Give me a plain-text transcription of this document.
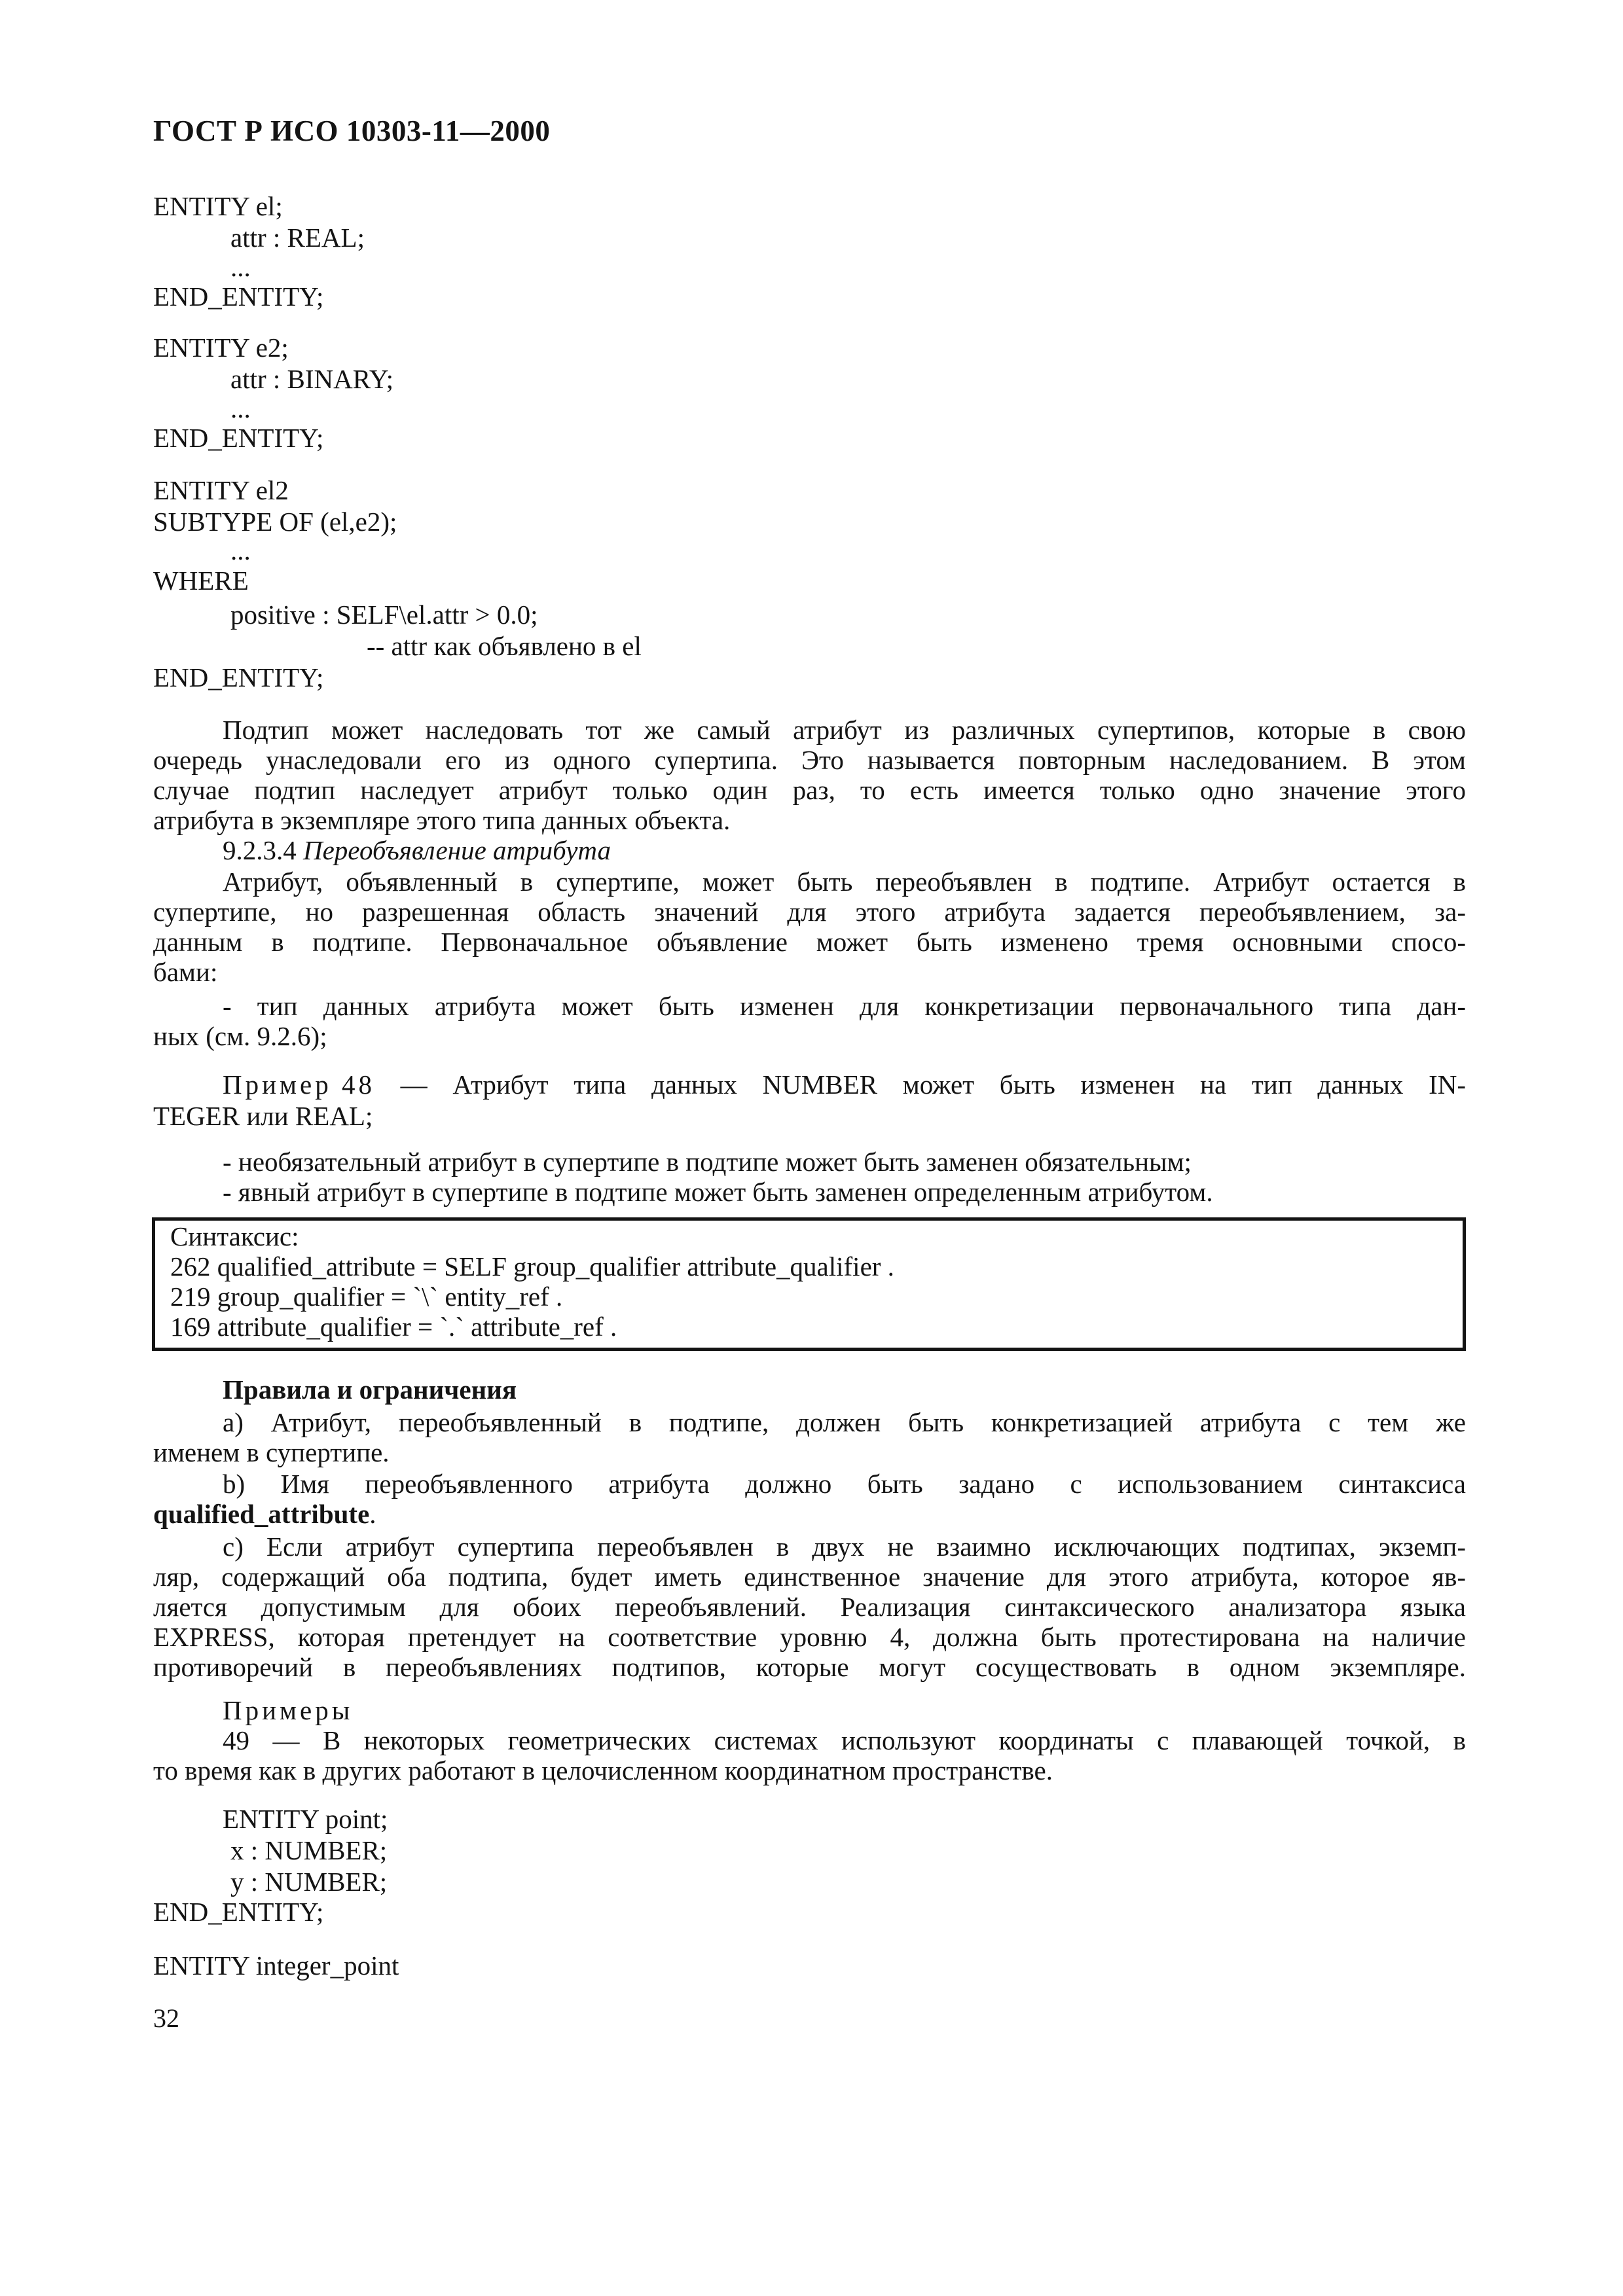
ГОСТ Р ИСО 10303-11—2000

ENTITY el;

attr : REAL;

...

END_ENTITY;

ENTITY e2;

attr : BINARY;

...

END_ENTITY;

ENTITY el2

SUBTYPE OF (el,e2);

...

WHERE

positive : SELF\el.attr > 0.0;

-- attr как объявлено в el

END_ENTITY;

Подтип может наследовать тот же самый атрибут из различных супертипов, которые в свою

очередь унаследовали его из одного супертипа. Это называется повторным наследованием. В этом

случае подтип наследует атрибут только один раз, то есть имеется только одно значение этого

атрибута в экземпляре этого типа данных объекта.

9.2.3.4 Переобъявление атрибута

Атрибут, объявленный в супертипе, может быть переобъявлен в подтипе. Атрибут остается в

супертипе, но разрешенная область значений для этого атрибута задается переобъявлением, за-

данным в подтипе. Первоначальное объявление может быть изменено тремя основными спосо-

бами:

- тип данных атрибута может быть изменен для конкретизации первоначального типа дан-

ных (см. 9.2.6);

Пример 48 — Атрибут типа данных NUMBER может быть изменен на тип данных IN-

TEGER или REAL;

- необязательный атрибут в супертипе в подтипе может быть заменен обязательным;

- явный атрибут в супертипе в подтипе может быть заменен определенным атрибутом.

Синтаксис:

262 qualified_attribute = SELF group_qualifier attribute_qualifier .

219 group_qualifier = `\` entity_ref .

169 attribute_qualifier = `.` attribute_ref .

Правила и ограничения

a) Атрибут, переобъявленный в подтипе, должен быть конкретизацией атрибута с тем же

именем в супертипе.

b) Имя переобъявленного атрибута должно быть задано с использованием синтаксиса

qualified_attribute.

c) Если атрибут супертипа переобъявлен в двух не взаимно исключающих подтипах, экземп-

ляр, содержащий оба подтипа, будет иметь единственное значение для этого атрибута, которое яв-

ляется допустимым для обоих переобъявлений. Реализация синтаксического анализатора языка

EXPRESS, которая претендует на соответствие уровню 4, должна быть протестирована на наличие

противоречий в переобъявлениях подтипов, которые могут сосуществовать в одном экземпляре.

Примеры

49 — В некоторых геометрических системах используют координаты с плавающей точкой, в

то время как в других работают в целочисленном координатном пространстве.

ENTITY point;

x : NUMBER;

y : NUMBER;

END_ENTITY;

ENTITY integer_point

32
